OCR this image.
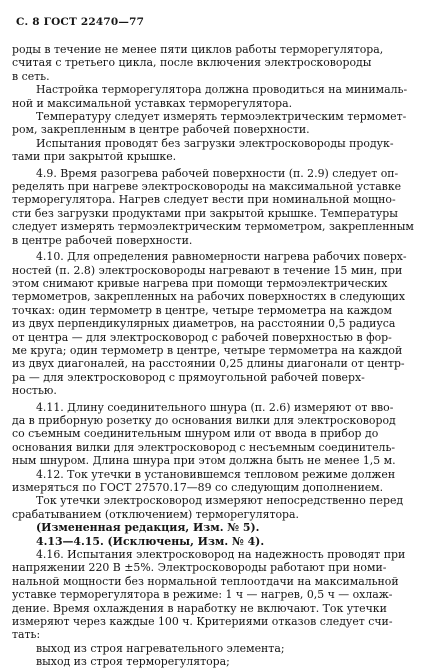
С. 8 ГОСТ 22470—77
роды в течение не менее пяти циклов работы терморегулятора,
считая с третьего цикла, после включения электросковороды
в сеть.
Настройка терморегулятора должна проводиться на минималь-
ной и максимальной уставках терморегулятора.
Температуру следует измерять термоэлектрическим термомет-
ром, закрепленным в центре рабочей поверхности.
Испытания проводят без загрузки электросковороды продук-
тами при закрытой крышке.
4.9. Время разогрева рабочей поверхности (п. 2.9) следует оп-
ределять при нагреве электросковороды на максимальной уставке
терморегулятора. Нагрев следует вести при номинальной мощно-
сти без загрузки продуктами при закрытой крышке. Температуры
следует измерять термоэлектрическим термометром, закрепленным
в центре рабочей поверхности.
4.10. Для определения равномерности нагрева рабочих поверх-
ностей (п. 2.8) электросковороды нагревают в течение 15 мин, при
этом снимают кривые нагрева при помощи термоэлектрических
термометров, закрепленных на рабочих поверхностях в следующих
точках: один термометр в центре, четыре термометра на каждом
из двух перпендикулярных диаметров, на расстоянии 0,5 радиуса
от центра — для электросковород с рабочей поверхностью в фор-
ме круга; один термометр в центре, четыре термометра на каждой
из двух диагоналей, на расстоянии 0,25 длины диагонали от центр-
ра — для электросковород с прямоугольной рабочей поверх-
ностью.
4.11. Длину соединительного шнура (п. 2.6) измеряют от вво-
да в приборную розетку до основания вилки для электросковород
со съемным соединительным шнуром или от ввода в прибор до
основания вилки для электросковород с несъемным соединитель-
ным шнуром. Длина шнура при этом должна быть не менее 1,5 м.
4.12. Ток утечки в установившемся тепловом режиме должен
измеряться по ГОСТ 27570.17—89 со следующим дополнением.
Ток утечки электросковород измеряют непосредственно перед
срабатыванием (отключением) терморегулятора.
(Измененная редакция, Изм. № 5).
4.13—4.15. (Исключены, Изм. № 4).
4.16. Испытания электросковород на надежность проводят при
напряжении 220 В ±5%. Электросковороды работают при номи-
нальной мощности без нормальной теплоотдачи на максимальной
уставке терморегулятора в режиме: 1 ч — нагрев, 0,5 ч — охлаж-
дение. Время охлаждения в наработку не включают. Ток утечки
измеряют через каждые 100 ч. Критериями отказов следует счи-
тать:
выход из строя нагревательного элемента;
выход из строя терморегулятора;
